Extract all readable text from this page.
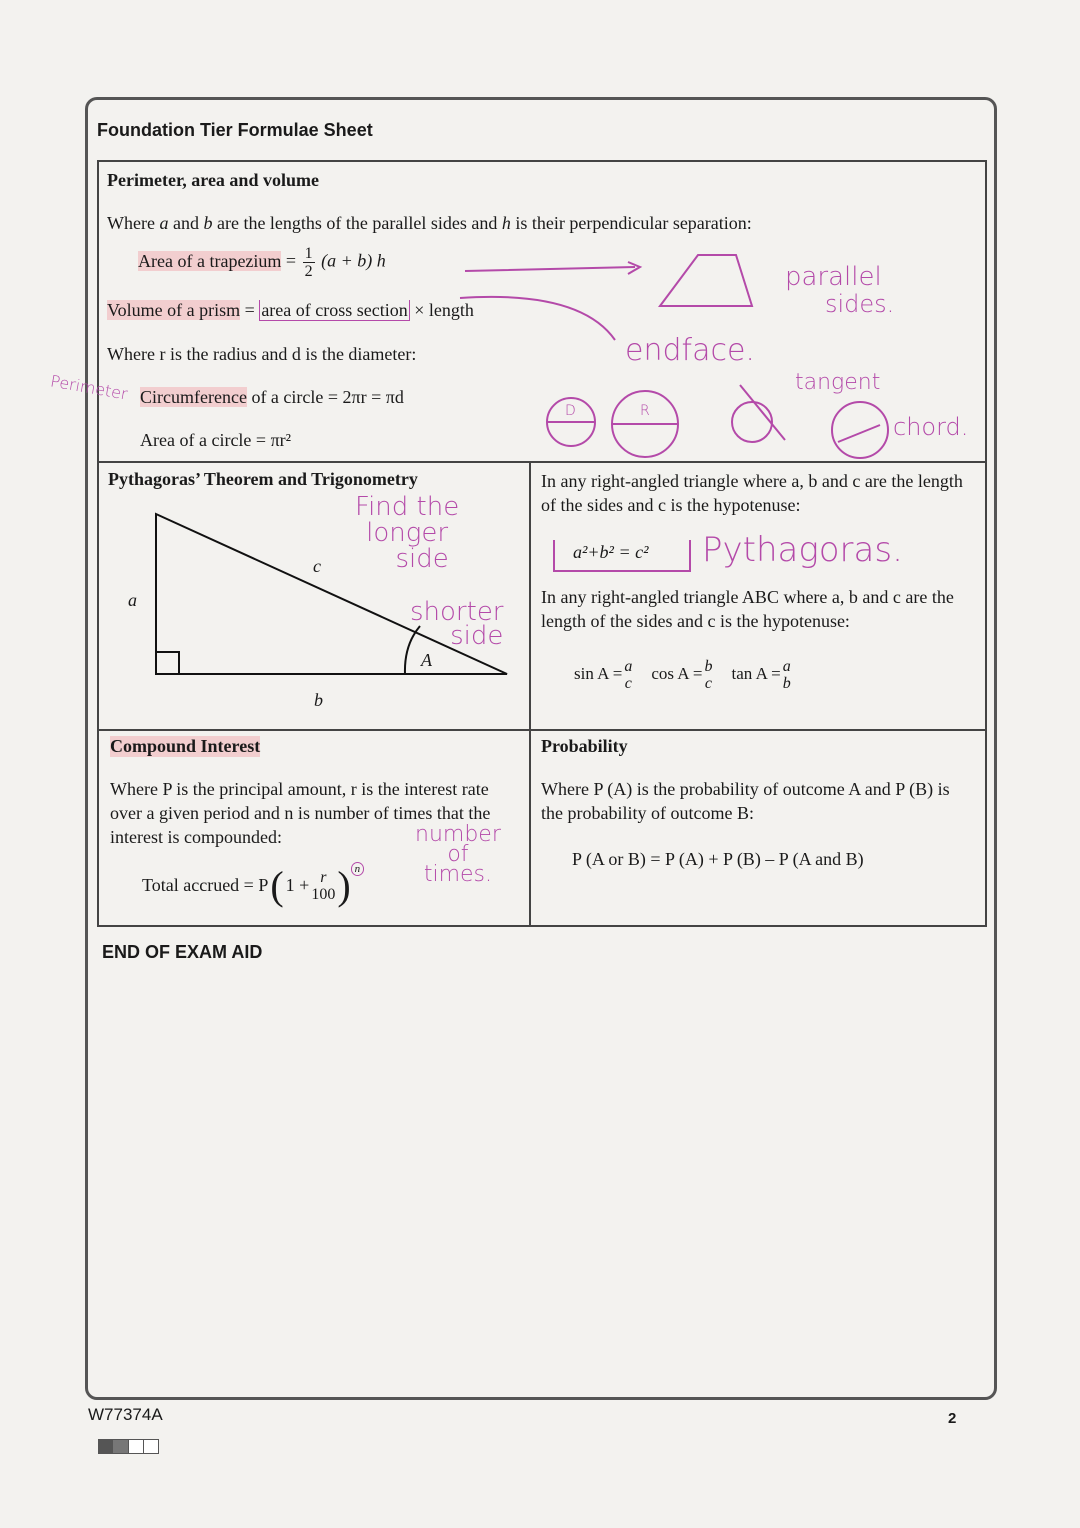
Foundation Tier Formulae Sheet
Perimeter, area and volume
Where a and b are the lengths of the parallel sides and h is their perpendicular separation:
Area of a trapezium = $\frac{1}{2} (a + b)$ h
Volume of a prism = area of cross section × length
Where r is the radius and d is the diameter:
Circumference of a circle = 2πr = πd
Area of a circle = πr²
D	R
parallel
sides.
endface.
tangent
chord.
Perimeter
Pythagoras’ Theorem and Trigonometry
a
b
c
A
Find the
longer
side
shorter
side
In any right-angled triangle where a, b and c are the length of the sides and c is the hypotenuse:
a²+b² = c²	Pythagoras.
In any right-angled triangle ABC where a, b and c are the length of the sides and c is the hypotenuse:
sin A = a
c
cos A = b
c
tan A = a
b
Compound Interest
Where P is the principal amount, r is the interest rate over a given period and n is number of times that the interest is compounded:
Total accrued = P ( 1 + r
100 ) n
number
of
times.
Probability
Where P (A) is the probability of outcome A and P (B) is the probability of outcome B:
P (A or B) = P (A) + P (B) – P (A and B)
END OF EXAM AID
W77374A	2
